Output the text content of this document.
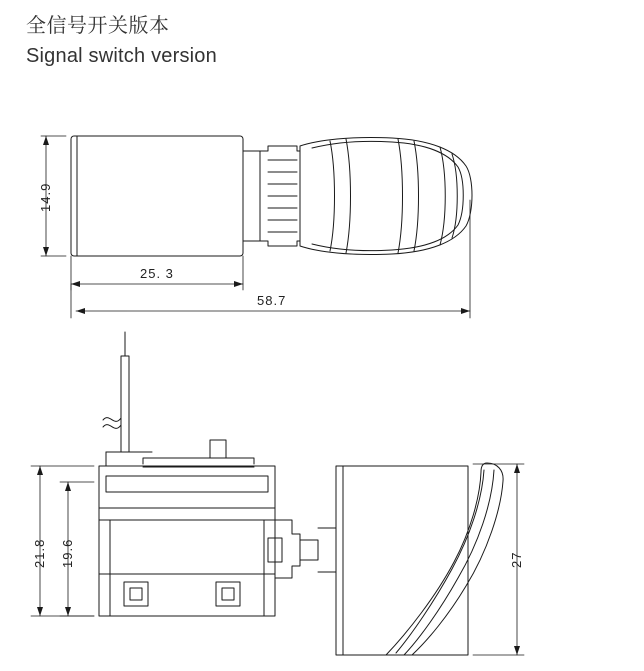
全信号开关版本
Signal switch version
14.9
25. 3
58.7
21.8 19.6	27
